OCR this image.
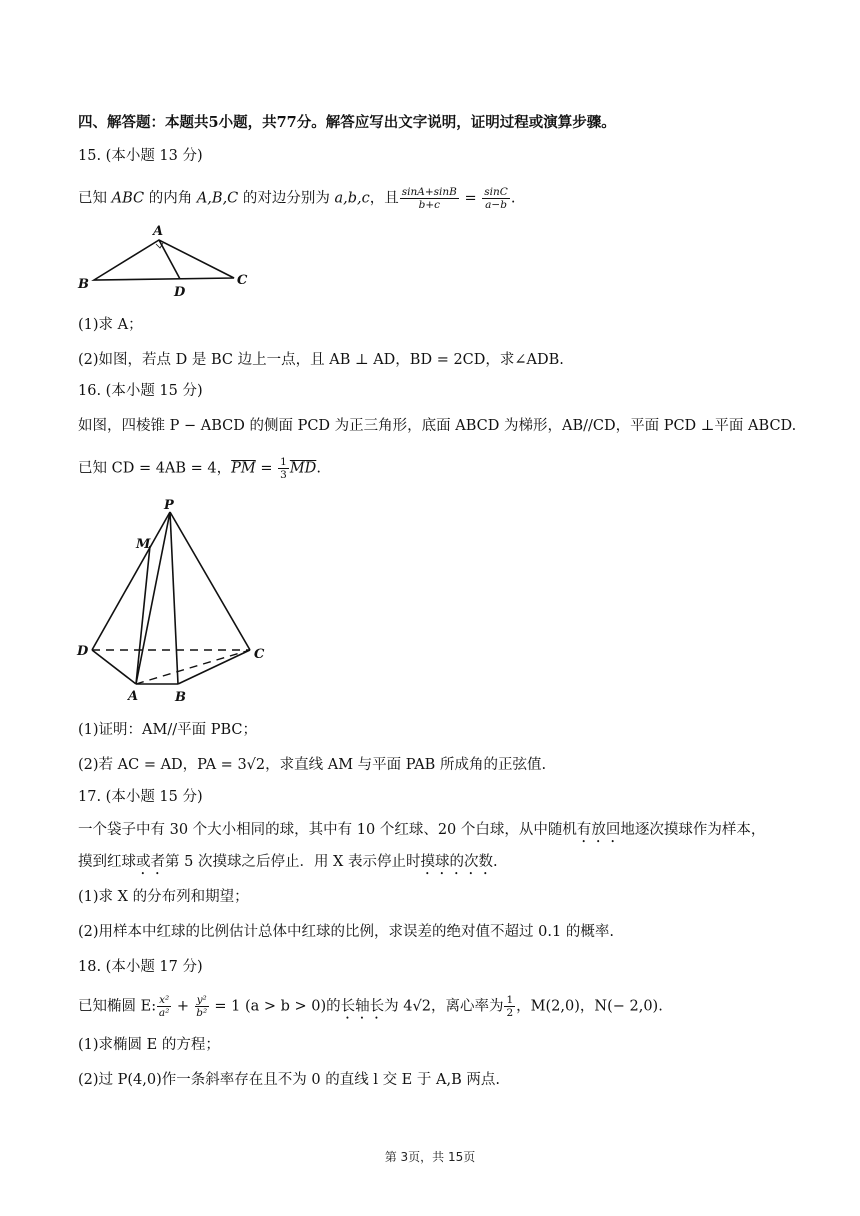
四、解答题：本题共5小题，共77分。解答应写出文字说明，证明过程或演算步骤。
15. (本小题 13 分)
已知 ABC 的内角 A,B,C 的对边分别为 a,b,c，且 $\frac{\sin A+\sin B}{b+c} = \frac{\sin C}{a-b}$ .
A
B	C
D
(1)求 A；
(2)如图，若点 D 是 BC 边上一点，且 AB ⊥ AD，BD = 2CD，求∠ADB.
16. (本小题 15 分)
如图，四棱锥 P − ABCD 的侧面 PCD 为正三角形，底面 ABCD 为梯形，AB//CD，平面 PCD ⊥平面 ABCD.
已知 CD = 4AB = 4，$\overline{PM} = \frac{1}{3} \overline{MD}$.
P
M
D	C
A	B
(1)证明：AM//平面 PBC；
(2)若 AC = AD，PA = 3√2，求直线 AM 与平面 PAB 所成角的正弦值.
17. (本小题 15 分)
一个袋子中有 30 个大小相同的球，其中有 10 个红球、20 个白球，从中随机有放回地逐次摸球作为样本，
摸到红球或者第 5 次摸球之后停止．用 X 表示停止时摸球的次数.
(1)求 X 的分布列和期望；
(2)用样本中红球的比例估计总体中红球的比例，求误差的绝对值不超过 0.1 的概率.
18. (本小题 17 分)
已知椭圆 E: $\frac{\text{x²}}{\text{a²}} + \frac{\text{y²}}{\text{b²}} = 1$ (a > b > 0)的长轴长为 4√2，离心率为 $\frac{1}{2}$ ，M(2,0)，N(− 2,0).
(1)求椭圆 E 的方程；
(2)过 P(4,0)作一条斜率存在且不为 0 的直线 l 交 E 于 A,B 两点.
第 3页，共 15页
